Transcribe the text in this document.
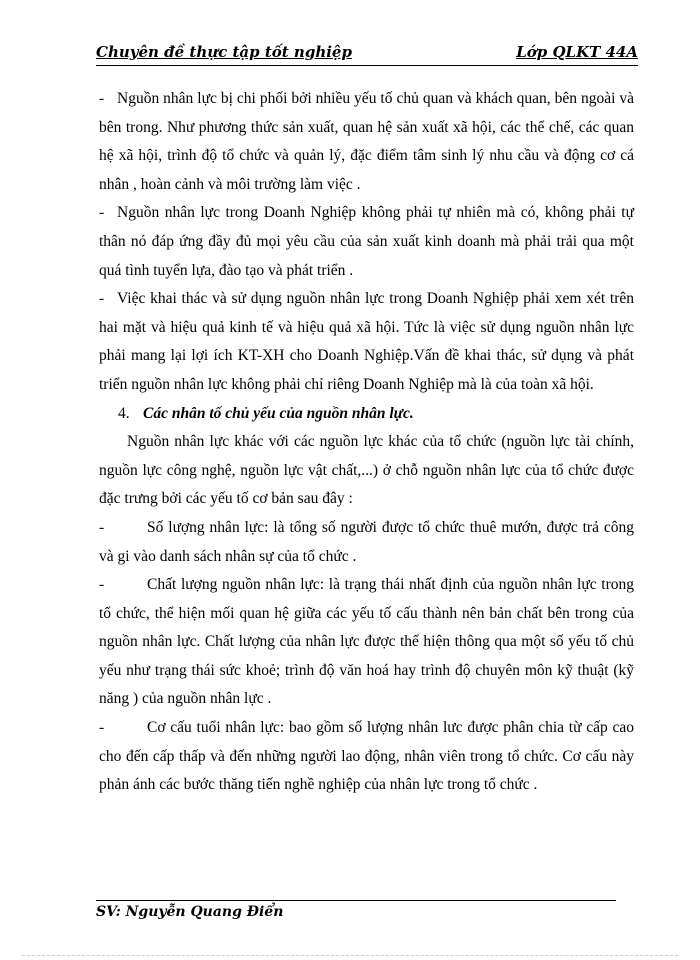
Chuyên đề thực tập tốt nghiệp	Lớp QLKT 44A

- Nguồn nhân lực bị chi phối bởi nhiều yếu tố chủ quan và khách quan, bên ngoài và bên trong. Như phương thức sản xuất, quan hệ sản xuất xã hội, các thể chế, các quan hệ xã hội, trình độ tổ chức và quản lý, đặc điểm tâm sinh lý nhu cầu và động cơ cá nhân , hoàn cảnh và môi trường làm việc .

- Nguồn nhân lực trong Doanh Nghiệp không phải tự nhiên mà có, không phải tự thân nó đáp ứng đầy đủ mọi yêu cầu của sản xuất kinh doanh mà phải trải qua một quá tình tuyển lựa, đào tạo và phát triển .

- Việc khai thác và sử dụng nguồn nhân lực trong Doanh Nghiệp phải xem xét trên hai mặt và hiệu quả kinh tế và hiệu quả xã hội. Tức là việc sử dụng nguồn nhân lực phải mang lại lợi ích KT-XH cho Doanh Nghiệp.Vấn đề khai thác, sử dụng và phát triển nguồn nhân lực không phải chỉ riêng Doanh Nghiệp mà là của toàn xã hội.

4. Các nhân tố chủ yếu của nguồn nhân lực.

Nguồn nhân lực khác với các nguồn lực khác của tổ chức (nguồn lực tài chính, nguồn lực công nghệ, nguồn lực vật chất,...) ở chỗ nguồn nhân lực của tổ chức được đặc trưng bởi các yếu tố cơ bản sau đây :

-	Số lượng nhân lực: là tổng số người được tổ chức thuê mướn, được trả công và gi vào danh sách nhân sự của tổ chức .

-	Chất lượng nguồn nhân lực: là trạng thái nhất định của nguồn nhân lực trong tổ chức, thể hiện mối quan hệ giữa các yếu tố cấu thành nên bản chất bên trong của nguồn nhân lực. Chất lượng của nhân lực được thể hiện thông qua một số yếu tố chủ yếu như trạng thái sức khoẻ; trình độ văn hoá hay trình độ chuyên môn kỹ thuật (kỹ năng ) của nguồn nhân lực .

-	Cơ cấu tuổi nhân lực: bao gồm số lượng nhân lưc được phân chia từ cấp cao cho đến cấp thấp và đến những người lao động, nhân viên trong tổ chức. Cơ cấu này phản ánh các bước thăng tiến nghề nghiệp của nhân lực trong tổ chức .

SV: Nguyễn Quang Điển
